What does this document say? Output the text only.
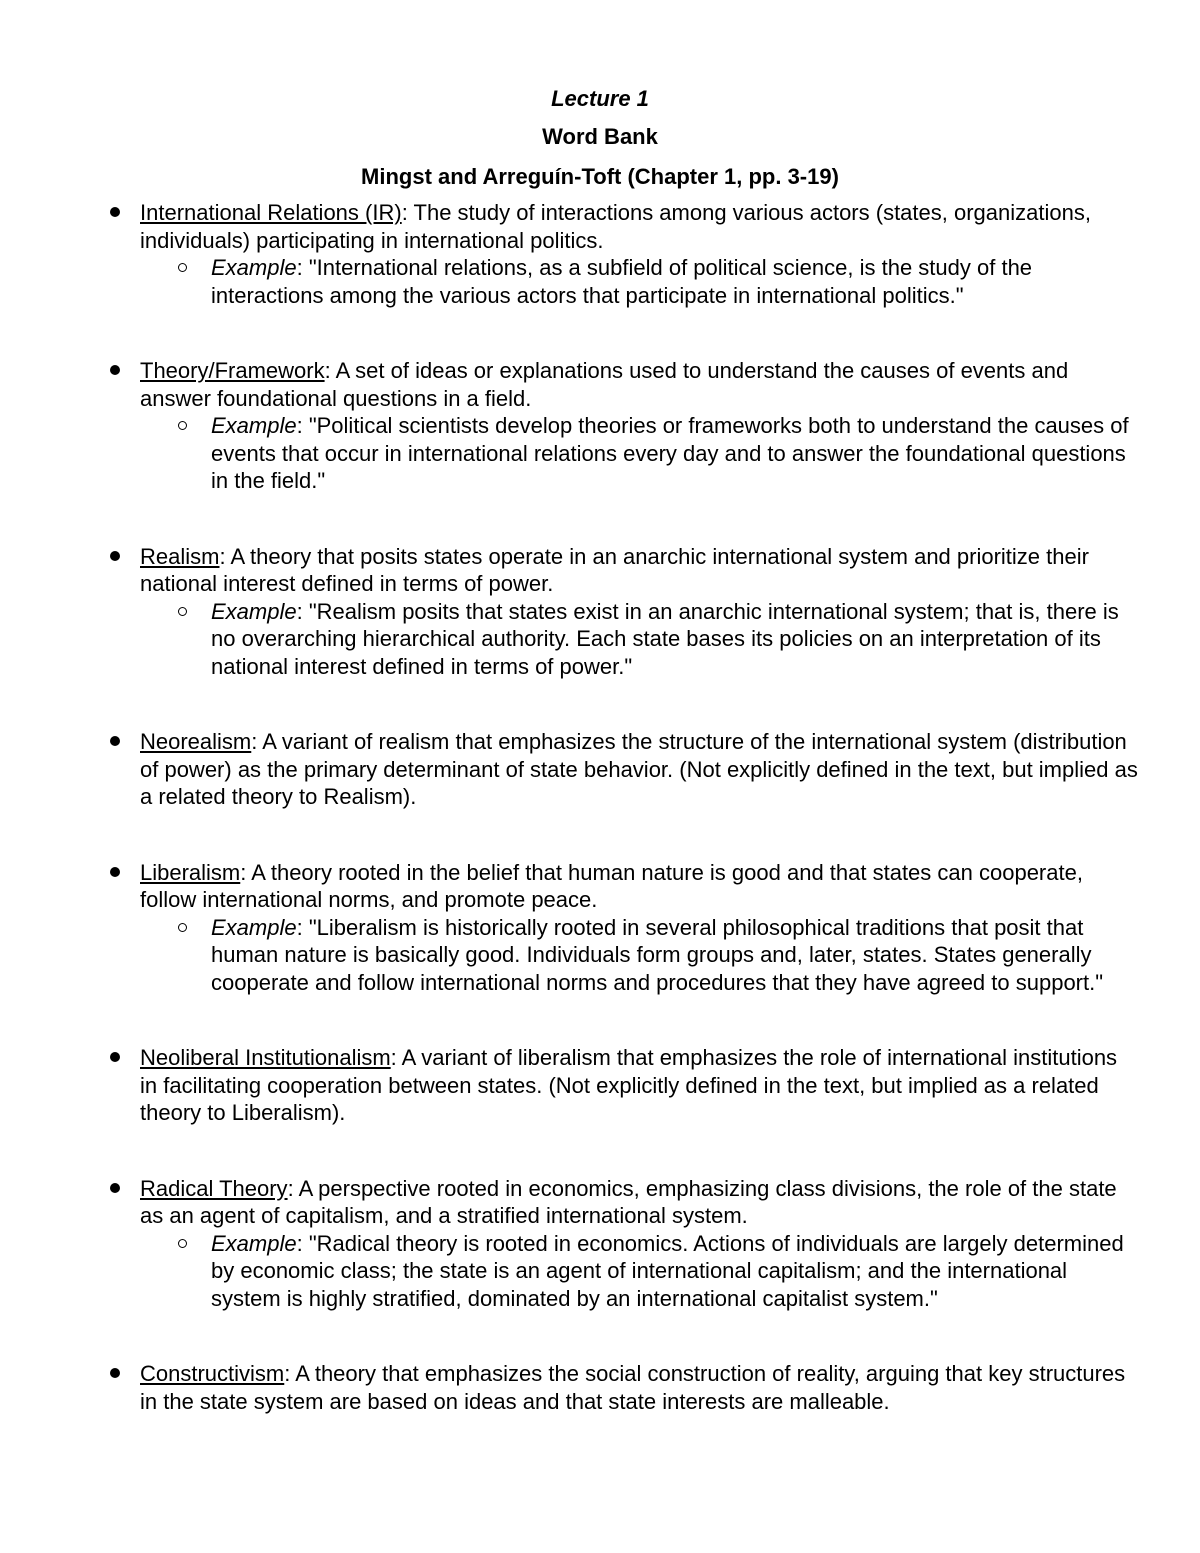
Lecture 1
Word Bank
Mingst and Arreguín-Toft (Chapter 1, pp. 3-19)
International Relations (IR): The study of interactions among various actors (states, organizations, individuals) participating in international politics.
Example: "International relations, as a subfield of political science, is the study of the interactions among the various actors that participate in international politics."
Theory/Framework: A set of ideas or explanations used to understand the causes of events and answer foundational questions in a field.
Example: "Political scientists develop theories or frameworks both to understand the causes of events that occur in international relations every day and to answer the foundational questions in the field."
Realism: A theory that posits states operate in an anarchic international system and prioritize their national interest defined in terms of power.
Example: "Realism posits that states exist in an anarchic international system; that is, there is no overarching hierarchical authority. Each state bases its policies on an interpretation of its national interest defined in terms of power."
Neorealism: A variant of realism that emphasizes the structure of the international system (distribution of power) as the primary determinant of state behavior. (Not explicitly defined in the text, but implied as a related theory to Realism).
Liberalism: A theory rooted in the belief that human nature is good and that states can cooperate, follow international norms, and promote peace.
Example: "Liberalism is historically rooted in several philosophical traditions that posit that human nature is basically good. Individuals form groups and, later, states. States generally cooperate and follow international norms and procedures that they have agreed to support."
Neoliberal Institutionalism: A variant of liberalism that emphasizes the role of international institutions in facilitating cooperation between states. (Not explicitly defined in the text, but implied as a related theory to Liberalism).
Radical Theory: A perspective rooted in economics, emphasizing class divisions, the role of the state as an agent of capitalism, and a stratified international system.
Example: "Radical theory is rooted in economics. Actions of individuals are largely determined by economic class; the state is an agent of international capitalism; and the international system is highly stratified, dominated by an international capitalist system."
Constructivism: A theory that emphasizes the social construction of reality, arguing that key structures in the state system are based on ideas and that state interests are malleable.
